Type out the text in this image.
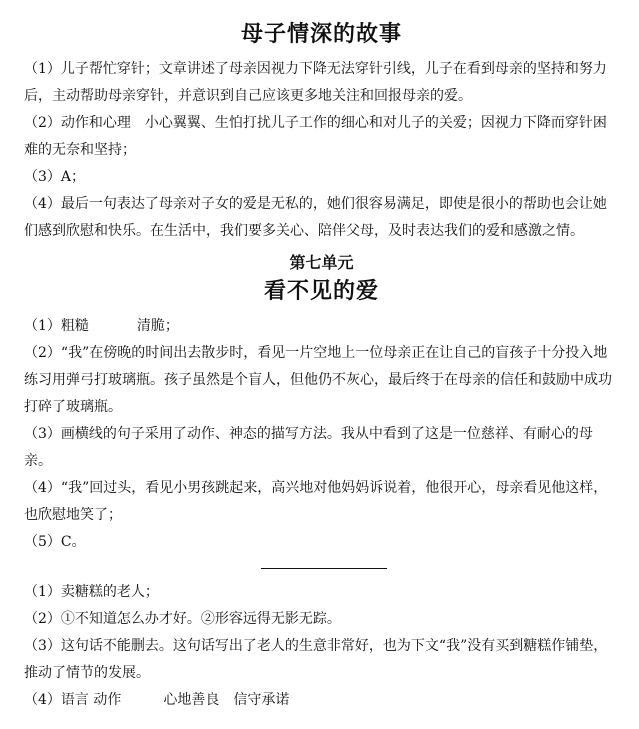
母子情深的故事

（1）儿子帮忙穿针；文章讲述了母亲因视力下降无法穿针引线，儿子在看到母亲的坚持和努力后，主动帮助母亲穿针，并意识到自己应该更多地关注和回报母亲的爱。

（2）动作和心理　小心翼翼、生怕打扰儿子工作的细心和对儿子的关爱；因视力下降而穿针困难的无奈和坚持；

（3）A；

（4）最后一句表达了母亲对子女的爱是无私的，她们很容易满足，即使是很小的帮助也会让她们感到欣慰和快乐。在生活中，我们要多关心、陪伴父母，及时表达我们的爱和感激之情。

第七单元
看不见的爱

（1）粗糙	清脆；

（2）“我”在傍晚的时间出去散步时，看见一片空地上一位母亲正在让自己的盲孩子十分投入地练习用弹弓打玻璃瓶。孩子虽然是个盲人，但他仍不灰心，最后终于在母亲的信任和鼓励中成功打碎了玻璃瓶。

（3）画横线的句子采用了动作、神态的描写方法。我从中看到了这是一位慈祥、有耐心的母亲。

（4）“我”回过头，看见小男孩跳起来，高兴地对他妈妈诉说着，他很开心，母亲看见他这样，也欣慰地笑了；

（5）C。

（1）卖糖糕的老人；

（2）①不知道怎么办才好。②形容远得无影无踪。

（3）这句话不能删去。这句话写出了老人的生意非常好，也为下文“我”没有买到糖糕作铺垫，推动了情节的发展。

（4）语言 动作　　　心地善良　信守承诺
